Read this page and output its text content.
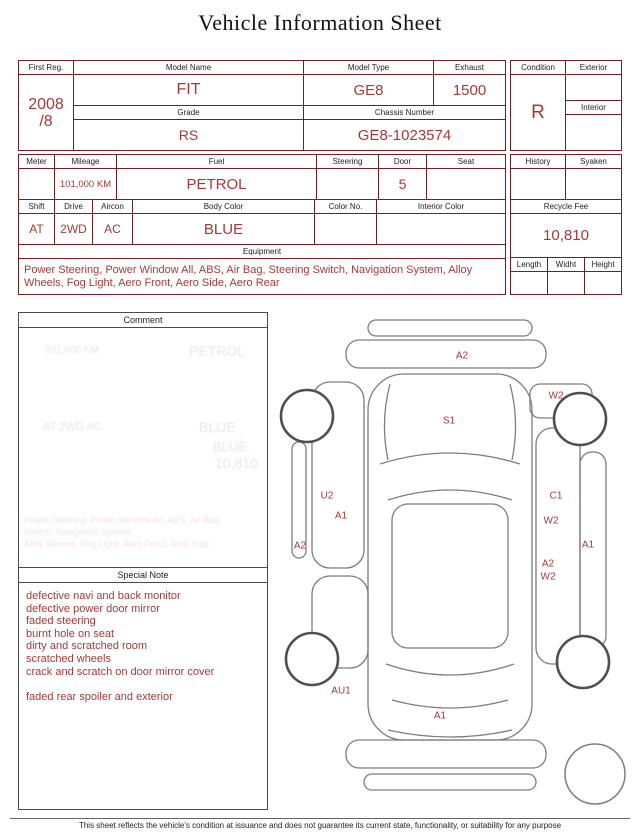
Vehicle Information Sheet
First Reg.	Model Name	Model Type	Exhaust

2008
/8	FIT	GE8	1500
	Grade	Chassis Number	
	RS	GE8-1023574	
Condition	Exterior
R	
	Interior

Meter	Mileage	Fuel	Steering	Door	Seat
	101,000 KM	PETROL		5	
Shift	Drive	Aircon	Body Color	Color No.	Interior Color
AT	2WD	AC	BLUE		
Equipment
Power Steering, Power Window All, ABS, Air Bag, Steering Switch, Navigation System, Alloy Wheels, Fog Light, Aero Front, Aero Side, Aero Rear
History	Syaken

Recycle Fee
10,810
Length	Widht	Height

Comment
101,000 KM	PETROL
AT 2WD AC	BLUE
BLUE
10,810
Power Steering, Power Window All, ABS, Air Bag,
Switch, Navigation System,
Alloy Wheels, Fog Light, Aero Front, Aero Side,
Special Note
defective navi and back monitor
defective power door mirror
faded steering
burnt hole on seat
dirty and scratched room
scratched wheels
crack and scratch on door mirror cover
faded rear spoiler and exterior
A2
W2
S1
U2
A1
C1
W2
A2	A1
A2
W2
AU1
A1
This sheet reflects the vehicle's condition at issuance and does not guarantee its current state, functionality, or suitability for any purpose
